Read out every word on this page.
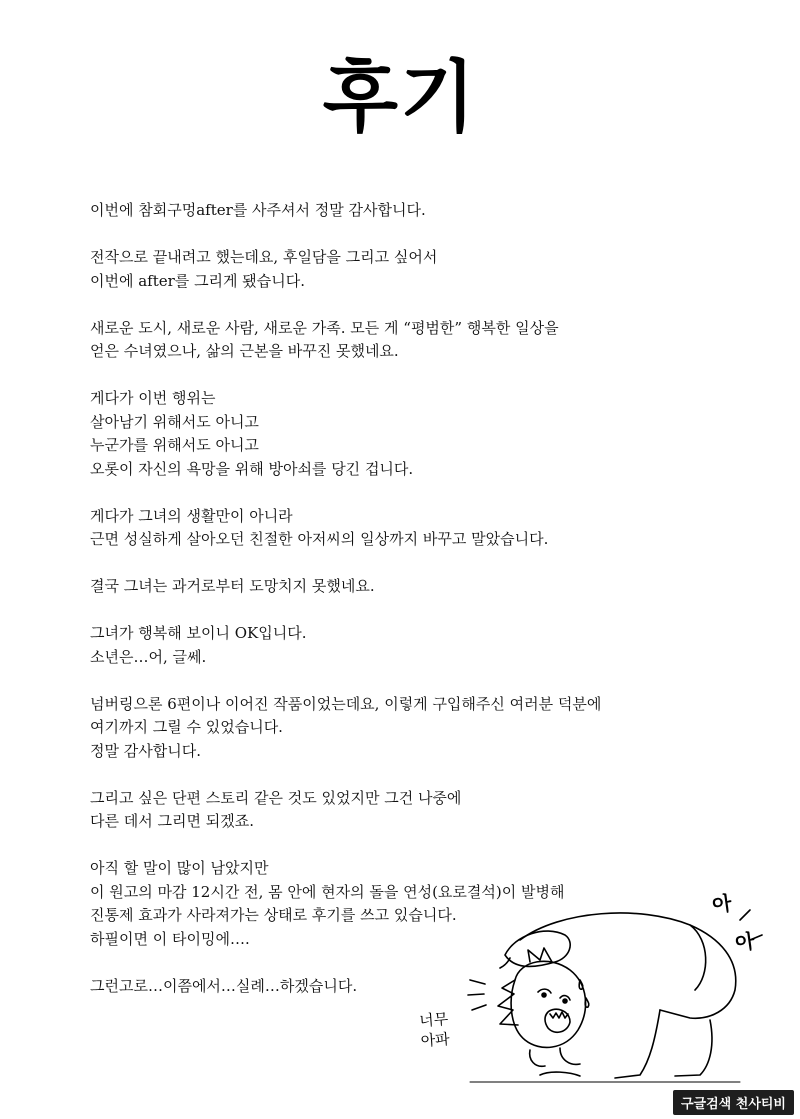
후기

이번에 참회구멍after를 사주셔서 정말 감사합니다.

전작으로 끝내려고 했는데요, 후일담을 그리고 싶어서
이번에 after를 그리게 됐습니다.

새로운 도시, 새로운 사람, 새로운 가족. 모든 게 “평범한” 행복한 일상을
얻은 수녀였으나, 삶의 근본을 바꾸진 못했네요.

게다가 이번 행위는
살아남기 위해서도 아니고
누군가를 위해서도 아니고
오롯이 자신의 욕망을 위해 방아쇠를 당긴 겁니다.

게다가 그녀의 생활만이 아니라
근면 성실하게 살아오던 친절한 아저씨의 일상까지 바꾸고 말았습니다.

결국 그녀는 과거로부터 도망치지 못했네요.

그녀가 행복해 보이니 OK입니다.
소년은…어, 글쎄.

넘버링으론 6편이나 이어진 작품이었는데요, 이렇게 구입해주신 여러분 덕분에
여기까지 그릴 수 있었습니다.
정말 감사합니다.

그리고 싶은 단편 스토리 같은 것도 있었지만 그건 나중에
다른 데서 그리면 되겠죠.

아직 할 말이 많이 남았지만
이 원고의 마감 12시간 전, 몸 안에 현자의 돌을 연성(요로결석)이 발병해
진통제 효과가 사라져가는 상태로 후기를 쓰고 있습니다.
하필이면 이 타이밍에….

그런고로…이쯤에서…실례…하겠습니다.

아
아
너무
아파
구글검색 천사티비
